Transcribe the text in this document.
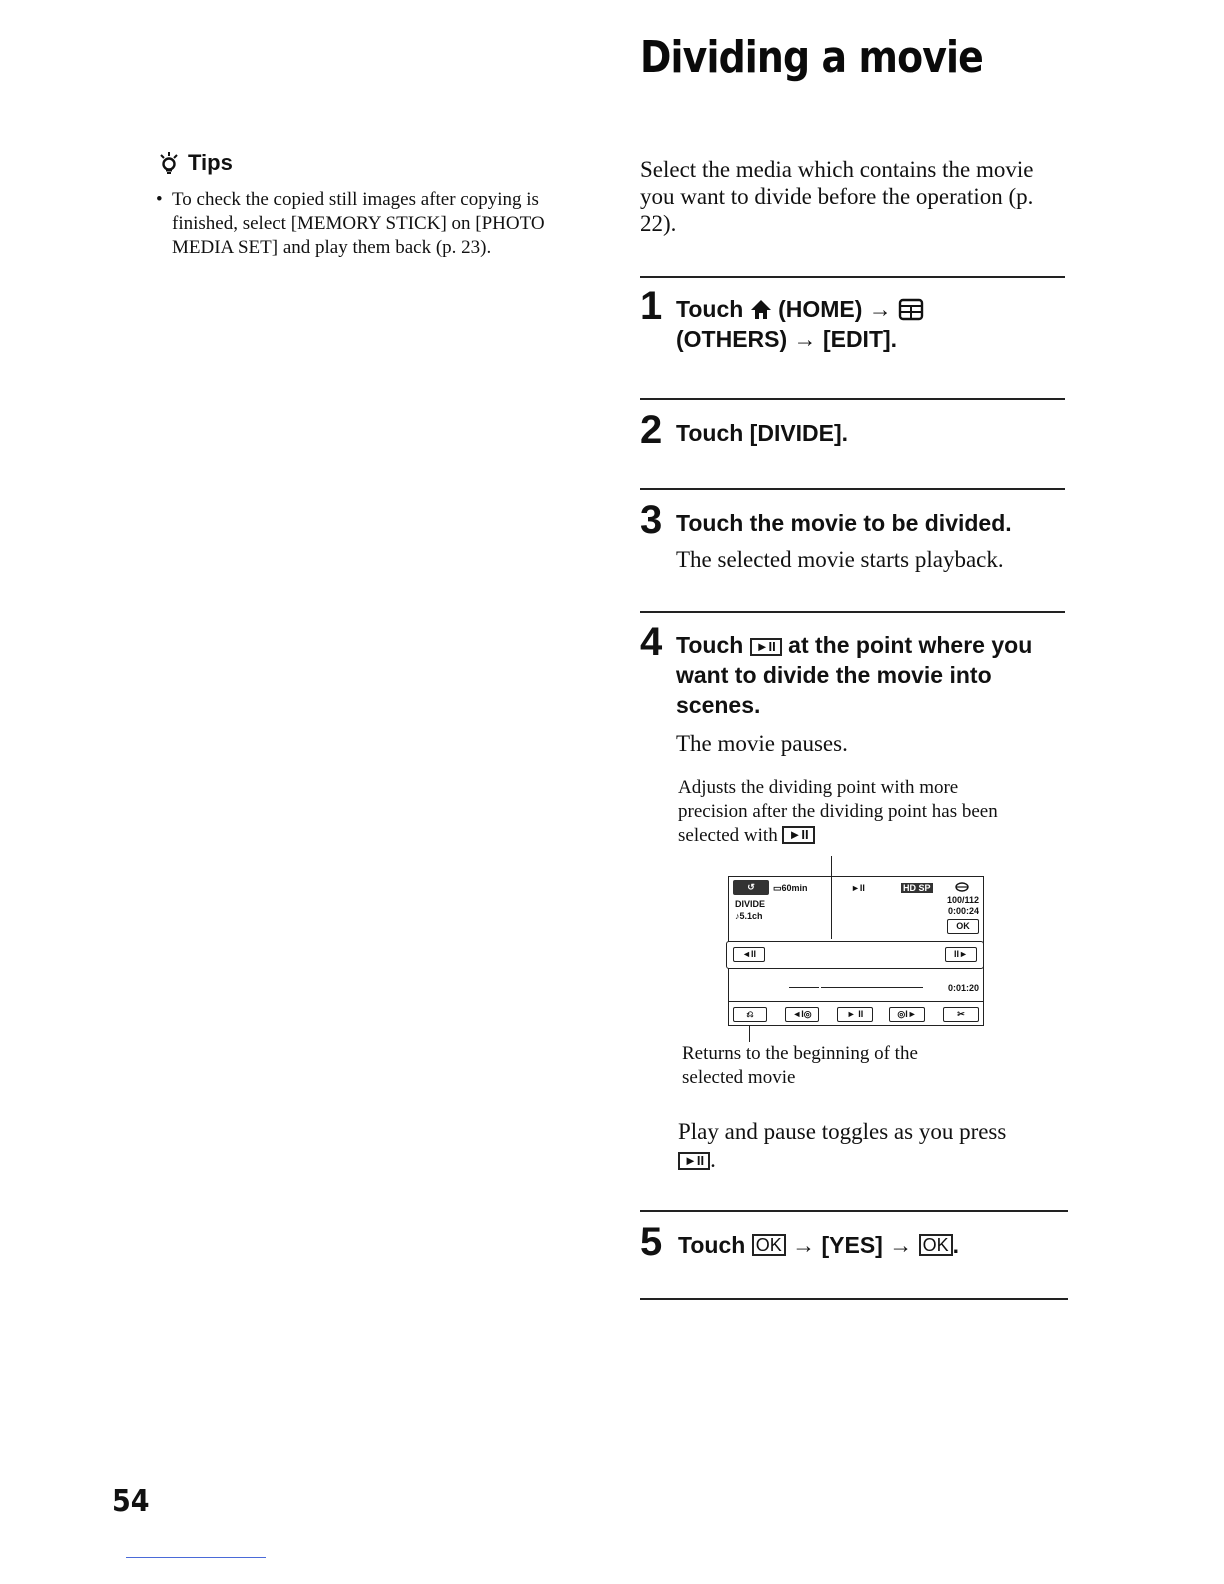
Dividing a movie
Tips
• To check the copied still images after copying is finished, select [MEMORY STICK] on [PHOTO MEDIA SET] and play them back (p. 23).
Select the media which contains the movie you want to divide before the operation (p. 22).
1 Touch (HOME) →
(OTHERS) → [EDIT].
2 Touch [DIVIDE].
3 Touch the movie to be divided.
The selected movie starts playback.
4 Touch ►II at the point where you
want to divide the movie into
scenes.
The movie pauses.
Adjusts the dividing point with more precision after the dividing point has been selected with ►II
↺	▭60min
DIVIDE
♪5.1ch
►II	HD SP
100/112
0:00:24
OK
◄II	II►
0:01:20
⎌	◄I◎	► II	◎I►	✂
Returns to the beginning of the selected movie
Play and pause toggles as you press
►II .
5 Touch OK → [YES] → OK .
54
